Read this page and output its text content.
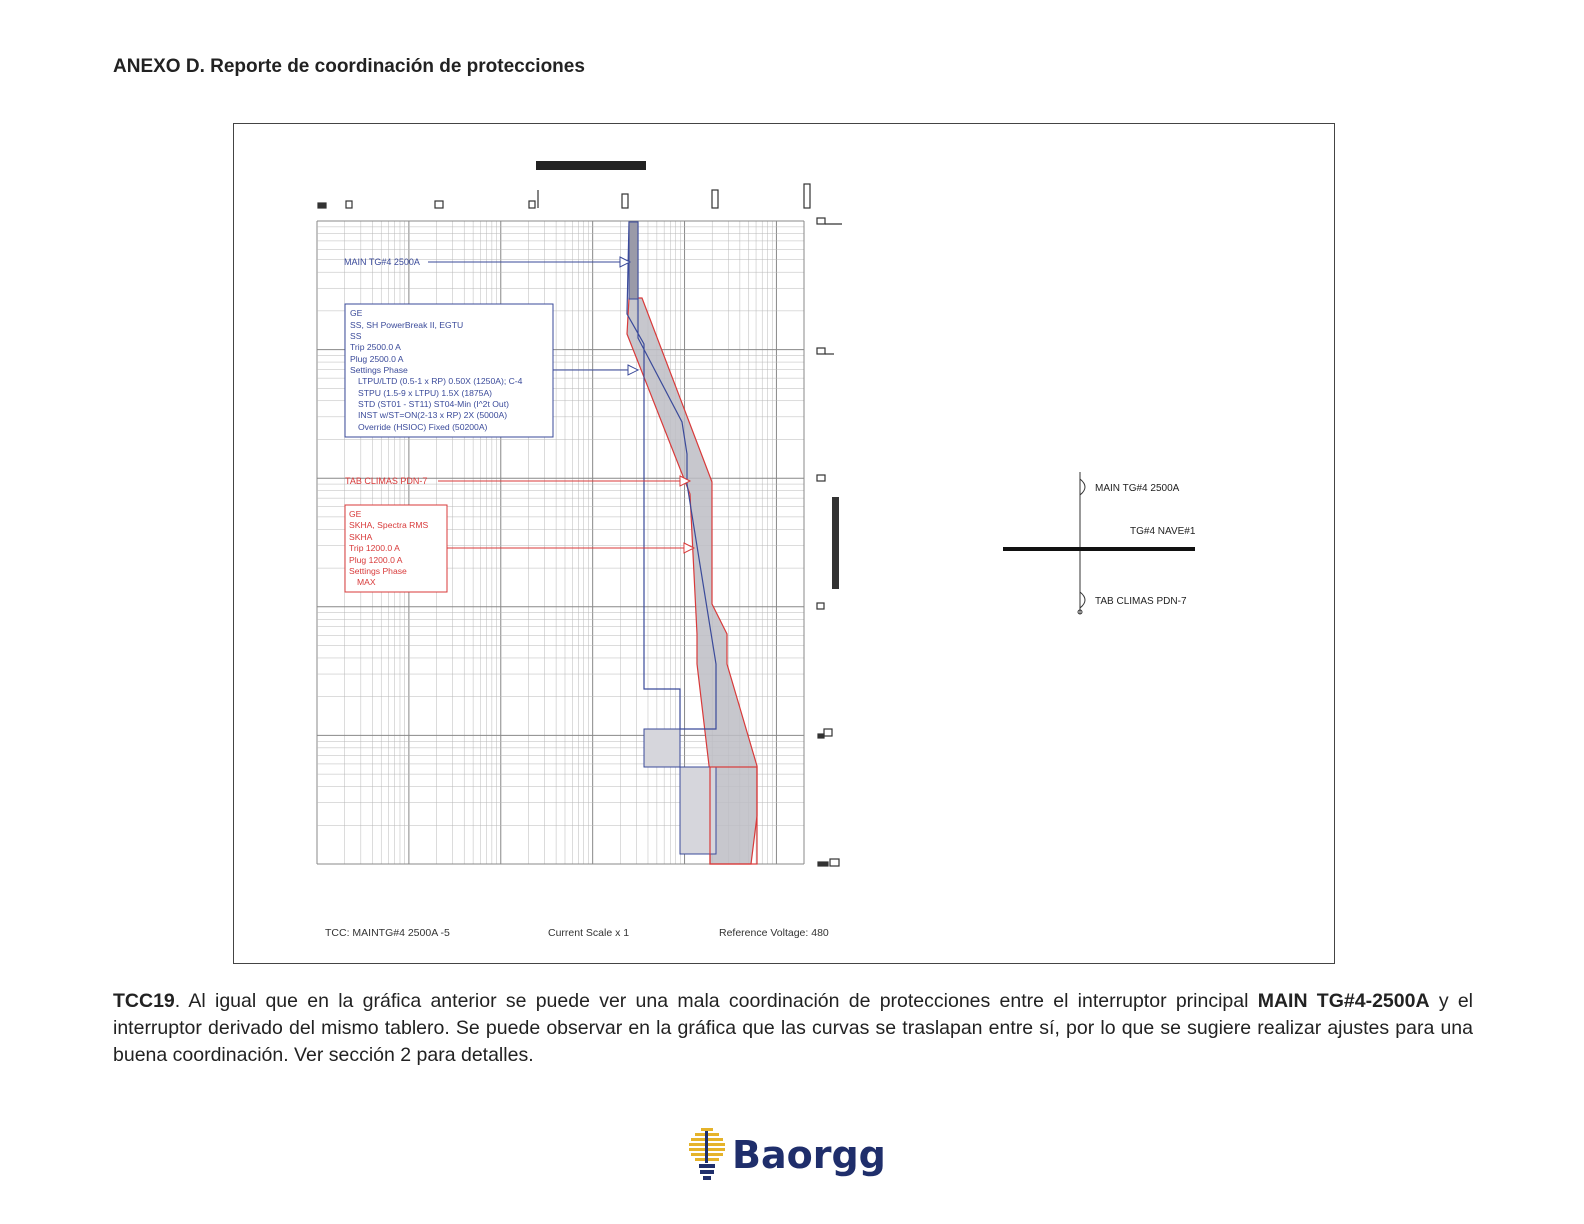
ANEXO D. Reporte de coordinación de protecciones
MAIN TG#4 2500A
GE
SS, SH PowerBreak II, EGTU
SS
Trip 2500.0 A
Plug 2500.0 A
Settings Phase
LTPU/LTD (0.5-1 x RP) 0.50X (1250A); C-4
STPU (1.5-9 x LTPU) 1.5X (1875A)
STD (ST01 - ST11) ST04-Min (I^2t Out)
INST w/ST=ON(2-13 x RP) 2X (5000A)
Override (HSIOC) Fixed (50200A)
TAB CLIMAS PDN-7
GE
SKHA, Spectra RMS
SKHA
Trip 1200.0 A
Plug 1200.0 A
Settings Phase
MAX
TCC: MAINTG#4 2500A -5	Current Scale x 1	Reference Voltage: 480
MAIN TG#4 2500A
TG#4 NAVE#1
TAB CLIMAS PDN-7
TCC19. Al igual que en la gráfica anterior se puede ver una mala coordinación de protecciones entre el interruptor principal MAIN TG#4-2500A y el interruptor derivado del mismo tablero. Se puede observar en la gráfica que las curvas se traslapan entre sí, por lo que se sugiere realizar ajustes para una buena coordinación. Ver sección 2 para detalles.
Baorgg
